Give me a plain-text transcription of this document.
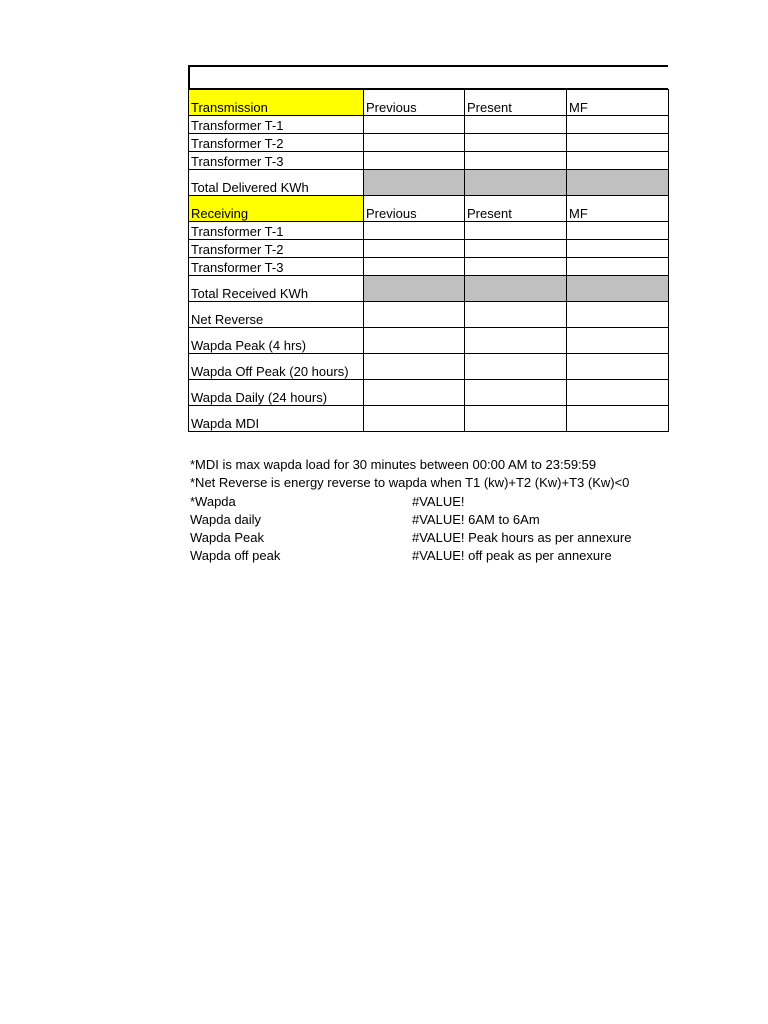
Transmission	Previous	Present	MF
Transformer T-1			
Transformer T-2			
Transformer T-3			
Total Delivered KWh			
Receiving	Previous	Present	MF
Transformer T-1			
Transformer T-2			
Transformer T-3			
Total Received KWh			
Net Reverse			
Wapda Peak (4 hrs)			
Wapda Off Peak (20 hours)			
Wapda Daily (24 hours)			
Wapda MDI			
*MDI is max wapda load for 30 minutes between 00:00 AM to 23:59:59
*Net Reverse is energy reverse to wapda when T1 (kw)+T2 (Kw)+T3 (Kw)<0
*Wapda	#VALUE!
Wapda daily	#VALUE! 6AM to 6Am
Wapda Peak	#VALUE! Peak hours as per annexure
Wapda off peak	#VALUE! off peak as per annexure
